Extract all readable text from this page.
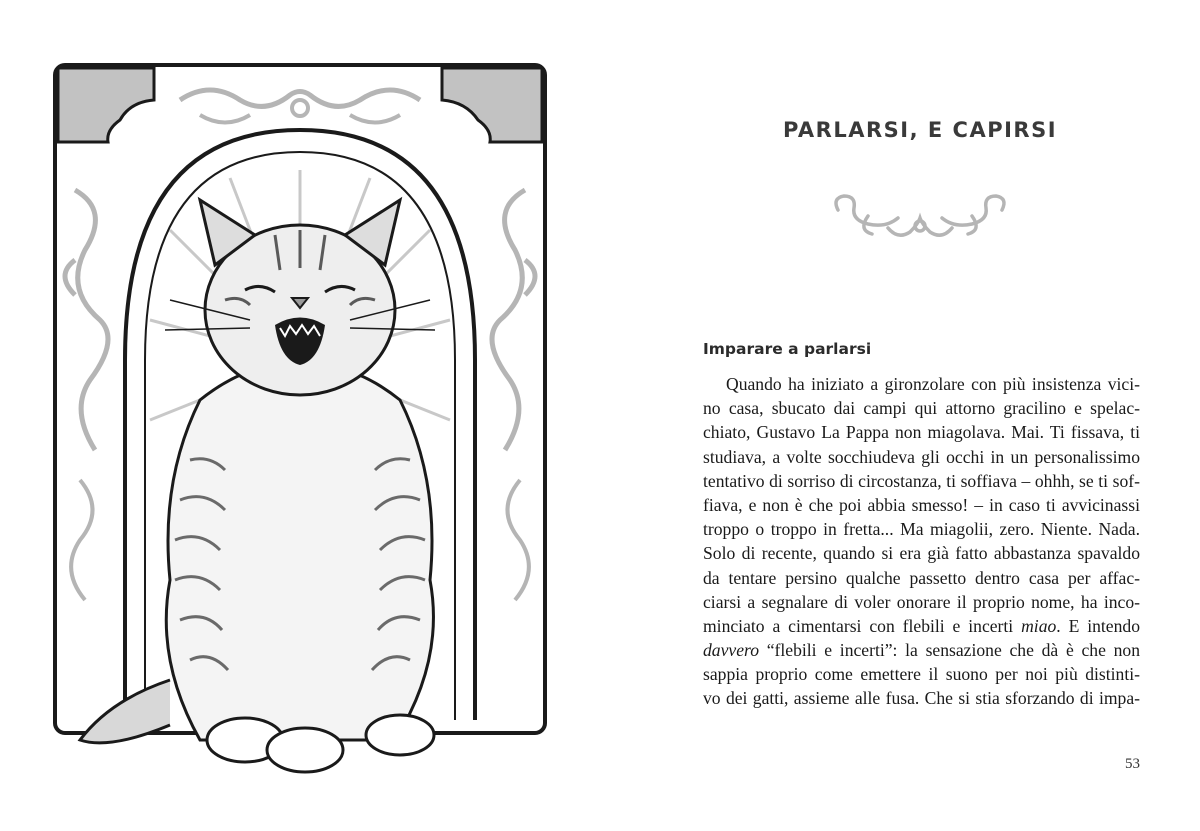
PARLARSI, E CAPIRSI
Imparare a parlarsi
Quando ha iniziato a gironzolare con più insistenza vici-
no casa, sbucato dai campi qui attorno gracilino e spelac-
chiato, Gustavo La Pappa non miagolava. Mai. Ti fissava, ti
studiava, a volte socchiudeva gli occhi in un personalissimo
tentativo di sorriso di circostanza, ti soffiava – ohhh, se ti sof-
fiava, e non è che poi abbia smesso! – in caso ti avvicinassi
troppo o troppo in fretta... Ma miagolii, zero. Niente. Nada.
Solo di recente, quando si era già fatto abbastanza spavaldo
da tentare persino qualche passetto dentro casa per affac-
ciarsi a segnalare di voler onorare il proprio nome, ha inco-
minciato a cimentarsi con flebili e incerti miao. E intendo
davvero “flebili e incerti”: la sensazione che dà è che non
sappia proprio come emettere il suono per noi più distinti-
vo dei gatti, assieme alle fusa. Che si stia sforzando di impa-
53
